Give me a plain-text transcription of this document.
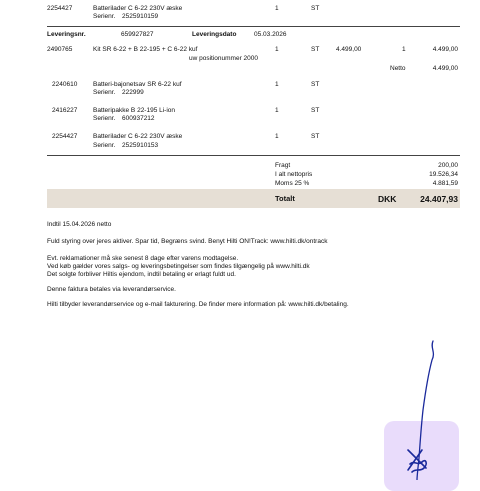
2254427	Batterilader C 6-22 230V æske
Serienr. 2525910159
1	ST
Leveringsnr.	659927827	Leveringsdato	05.03.2026
2490765	Kit SR 6-22 + B 22-195 + C 6-22 kuf
uw positionummer 2000
1	ST	4.499,00	1	4.499,00
Netto	4.499,00
2240610 Batteri-bajonetsav SR 6-22 kuf
Serienr. 222999
1	ST
2416227 Batteripakke B 22-195 Li-ion
Serienr. 600937212
1	ST
2254427 Batterilader C 6-22 230V æske
Serienr. 2525910153
1	ST
Fragt	200,00
I alt nettopris	19.526,34
Moms 25 %	4.881,59
Totalt	DKK	24.407,93
Indtil 15.04.2026 netto
Fuld styring over jeres aktiver. Spar tid, Begræns svind. Benyt Hilti ON!Track: www.hilti.dk/ontrack
Evt. reklamationer må ske senest 8 dage efter varens modtagelse.
Ved køb gælder vores salgs- og leveringsbetingelser som findes tilgængelig på www.hilti.dk
Det solgte forbliver Hiltis ejendom, indtil betaling er erlagt fuldt ud.
Denne faktura betales via leverandørservice.
Hilti tilbyder leverandørservice og e-mail fakturering. De finder mere information på: www.hilti.dk/betaling.
